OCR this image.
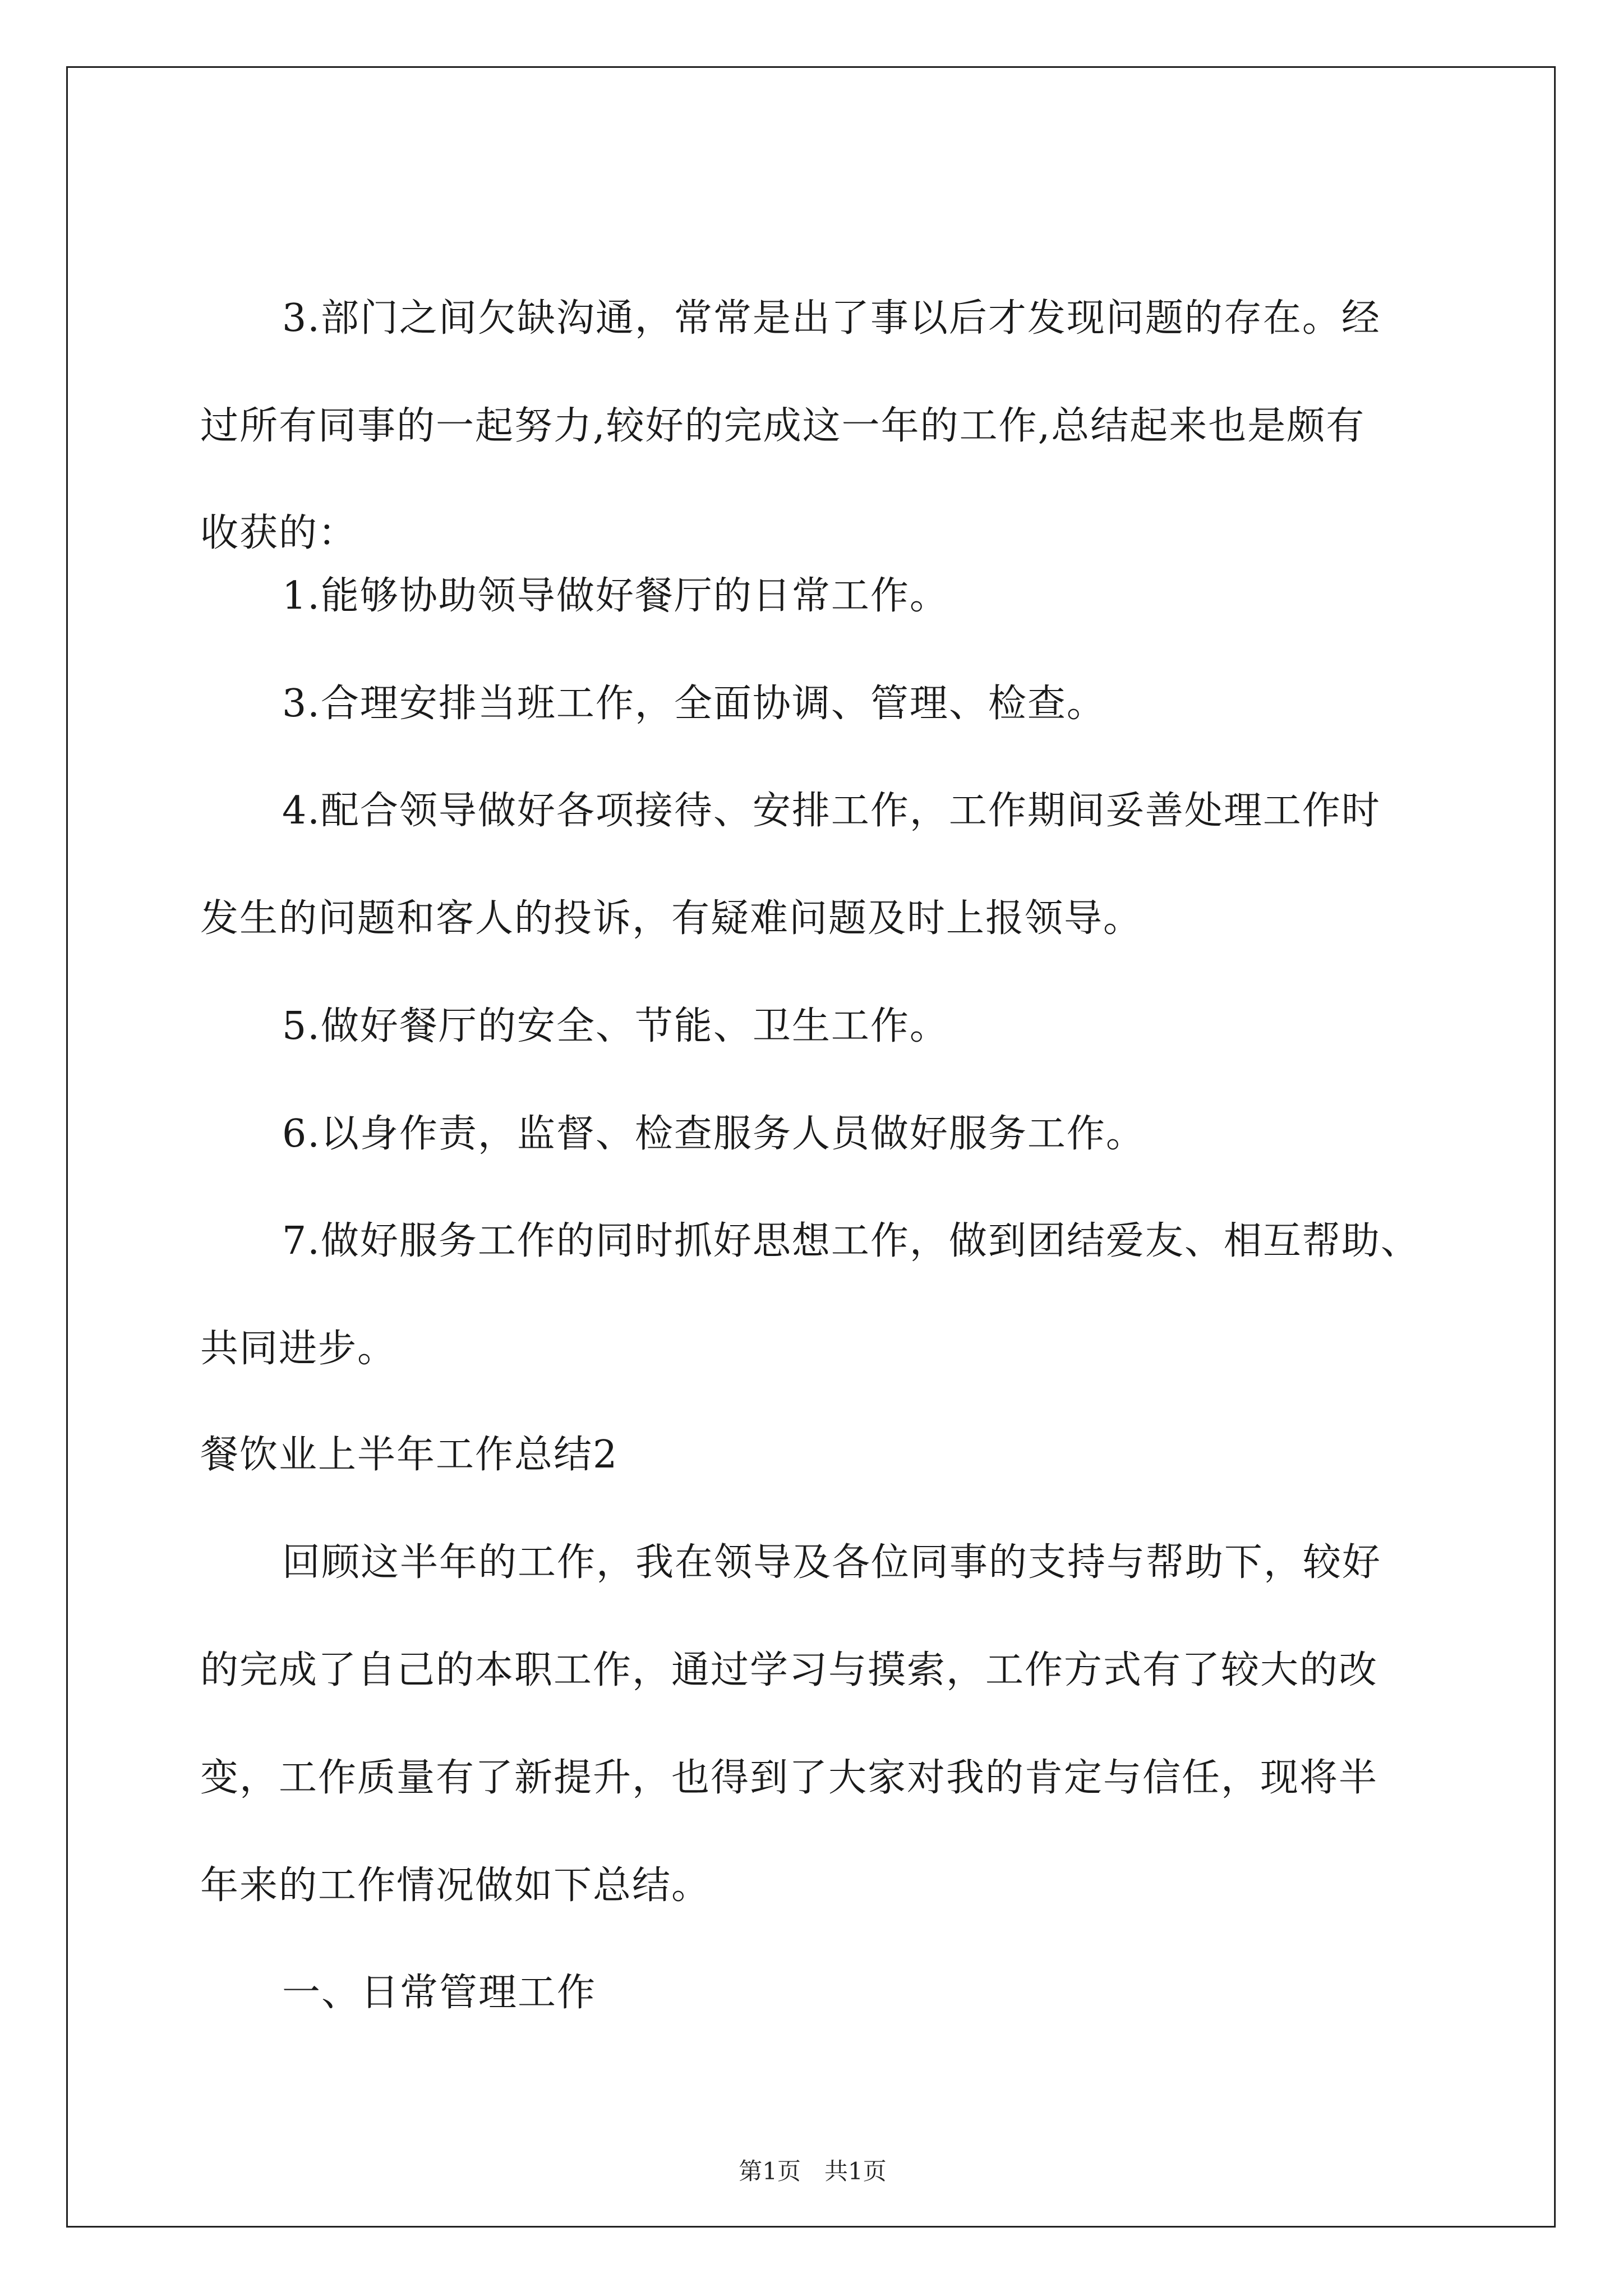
3.部门之间欠缺沟通，常常是出了事以后才发现问题的存在。经
过所有同事的一起努力,较好的完成这一年的工作,总结起来也是颇有
收获的：
1.能够协助领导做好餐厅的日常工作。
3.合理安排当班工作，全面协调、管理、检查。
4.配合领导做好各项接待、安排工作，工作期间妥善处理工作时
发生的问题和客人的投诉，有疑难问题及时上报领导。
5.做好餐厅的安全、节能、卫生工作。
6.以身作责，监督、检查服务人员做好服务工作。
7.做好服务工作的同时抓好思想工作，做到团结爱友、相互帮助、
共同进步。
餐饮业上半年工作总结2
回顾这半年的工作，我在领导及各位同事的支持与帮助下，较好
的完成了自己的本职工作，通过学习与摸索，工作方式有了较大的改
变，工作质量有了新提升，也得到了大家对我的肯定与信任，现将半
年来的工作情况做如下总结。
一、日常管理工作
第1页　共1页
